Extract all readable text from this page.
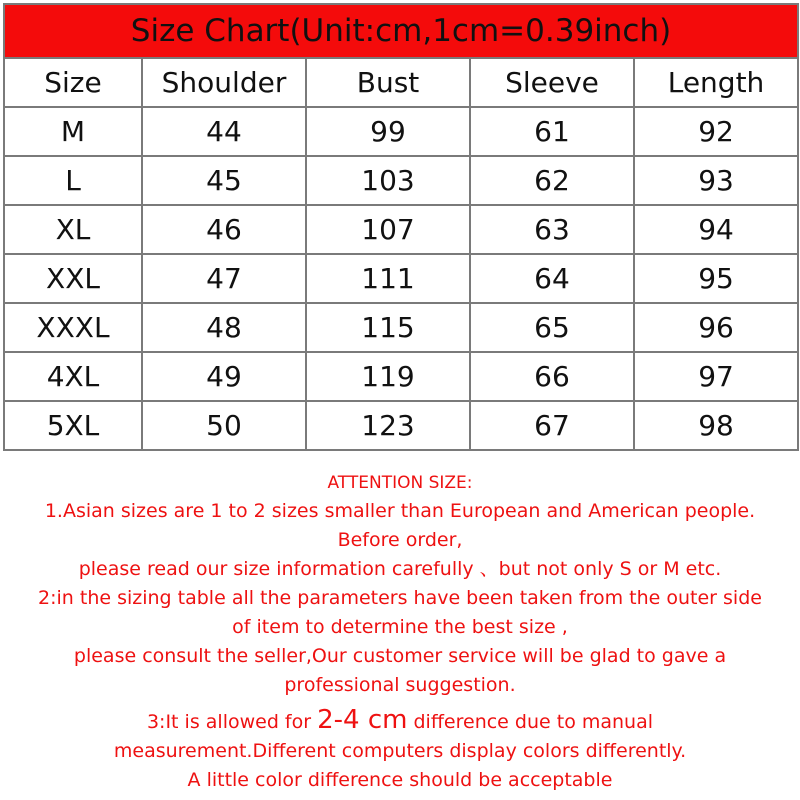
Size Chart(Unit:cm,1cm=0.39inch)				
Size	Shoulder	Bust	Sleeve	Length
M	44	99	61	92
L	45	103	62	93
XL	46	107	63	94
XXL	47	111	64	95
XXXL	48	115	65	96
4XL	49	119	66	97
5XL	50	123	67	98
ATTENTION SIZE:
1.Asian sizes are 1 to 2 sizes smaller than European and American people.
Before order,
please read our size information carefully 、but not only S or M etc.
2:in the sizing table all the parameters have been taken from the outer side
of item to determine the best size ,
please consult the seller,Our customer service will be glad to gave a
professional suggestion.
3:It is allowed for 2-4 cm difference due to manual
measurement.Different computers display colors differently.
A little color difference should be acceptable
